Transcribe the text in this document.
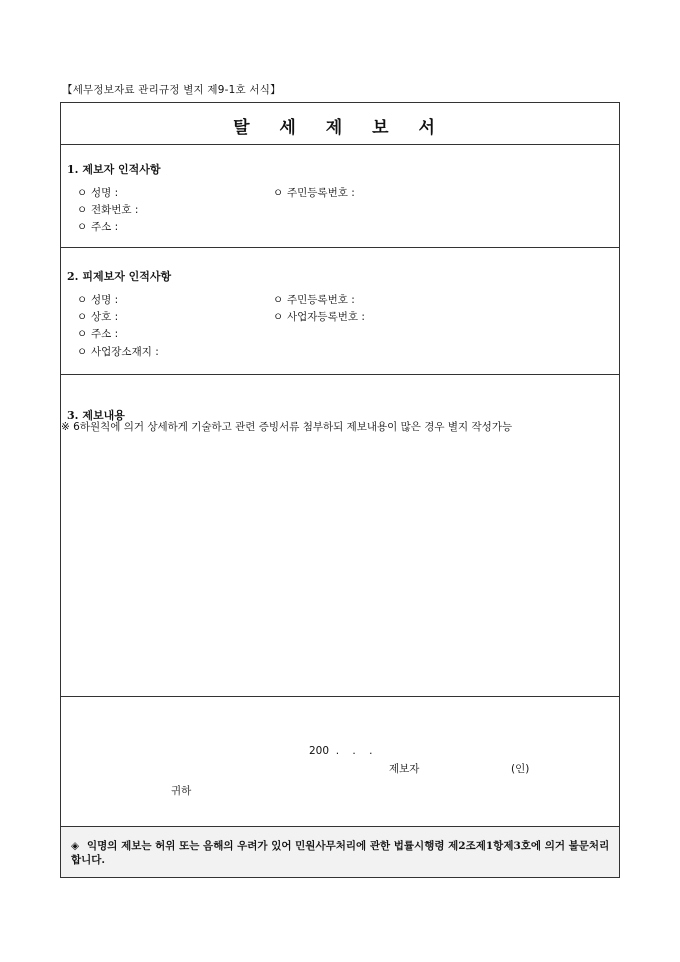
【세무정보자료 관리규정 별지 제9-1호 서식】
탈 세 제 보 서
1. 제보자 인적사항
ㅇ 성명 :	ㅇ 주민등록번호 :
ㅇ 전화번호 :
ㅇ 주소 :
2. 피제보자 인적사항
ㅇ 성명 :	ㅇ 주민등록번호 :
ㅇ 상호 :	ㅇ 사업자등록번호 :
ㅇ 주소 :
ㅇ 사업장소재지 :
3. 제보내용
※ 6하원칙에 의거 상세하게 기술하고 관련 증빙서류 첨부하되 제보내용이 많은 경우 별지 작성가능
200  .    .    .
제보자	(인)
귀하
◈ 익명의 제보는 허위 또는 음해의 우려가 있어 민원사무처리에 관한 법률시행령 제2조제1항제3호에 의거 불문처리합니다.
